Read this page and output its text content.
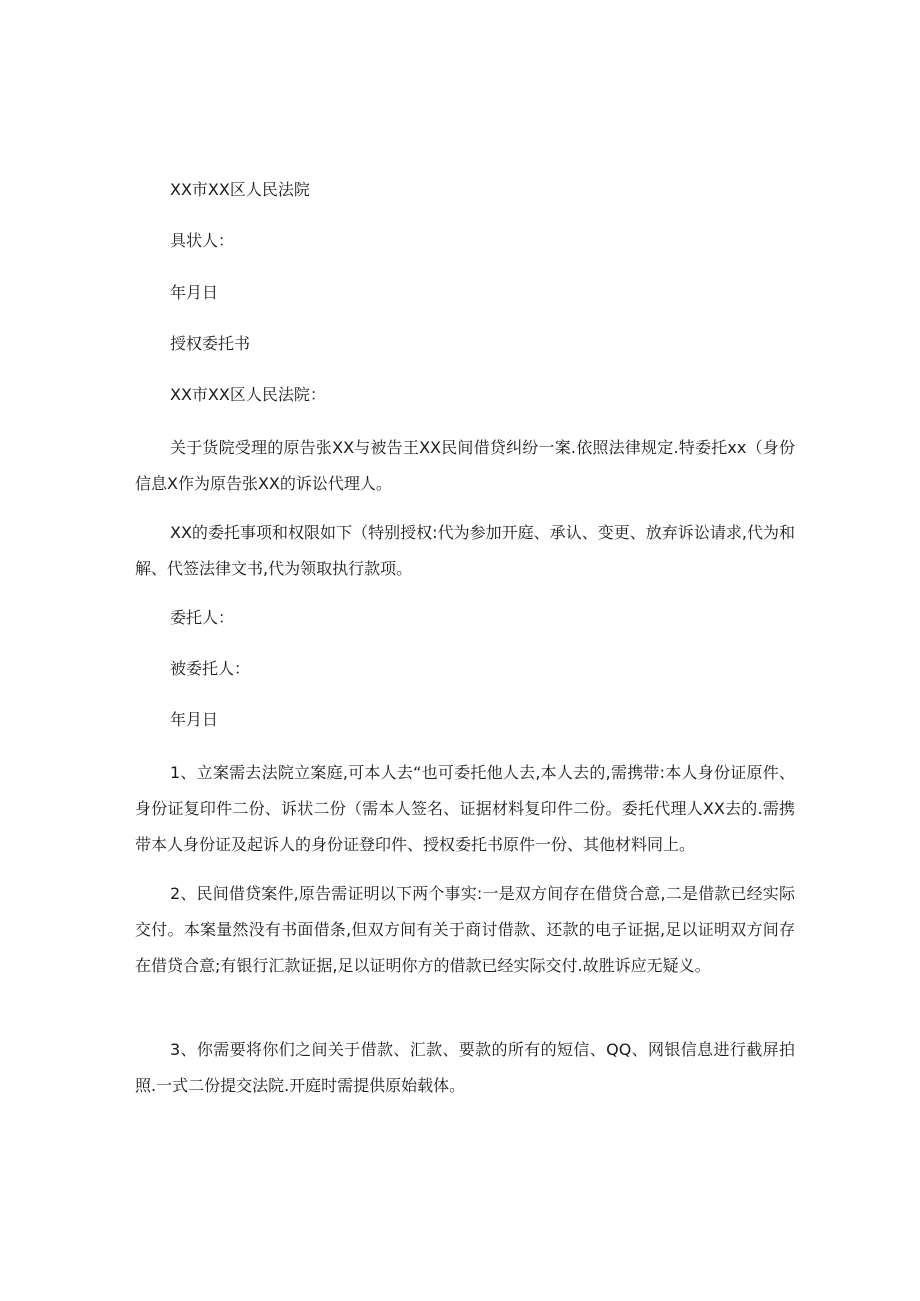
XX市XX区人民法院
具状人：
年月日
授权委托书
XX市XX区人民法院：
关于货院受理的原告张XX与被告王XX民间借贷纠纷一案.依照法律规定.特委托xx（身份信息X作为原告张XX的诉讼代理人。
XX的委托事项和权限如下（特别授权:代为参加开庭、承认、变更、放弃诉讼请求,代为和解、代签法律文书,代为领取执行款项。
委托人：
被委托人：
年月日
1、立案需去法院立案庭,可本人去“也可委托他人去,本人去的,需携带:本人身份证原件、身份证复印件二份、诉状二份（需本人签名、证据材料复印件二份。委托代理人XX去的.需携带本人身份证及起诉人的身份证登印件、授权委托书原件一份、其他材料同上。
2、民间借贷案件,原告需证明以下两个事实:一是双方间存在借贷合意,二是借款已经实际交付。本案量然没有书面借条,但双方间有关于商讨借款、还款的电子证据,足以证明双方间存在借贷合意;有银行汇款证据,足以证明你方的借款已经实际交付.故胜诉应无疑义。
3、你需要将你们之间关于借款、汇款、要款的所有的短信、QQ、网银信息进行截屏拍照.一式二份提交法院.开庭时需提供原始载体。
